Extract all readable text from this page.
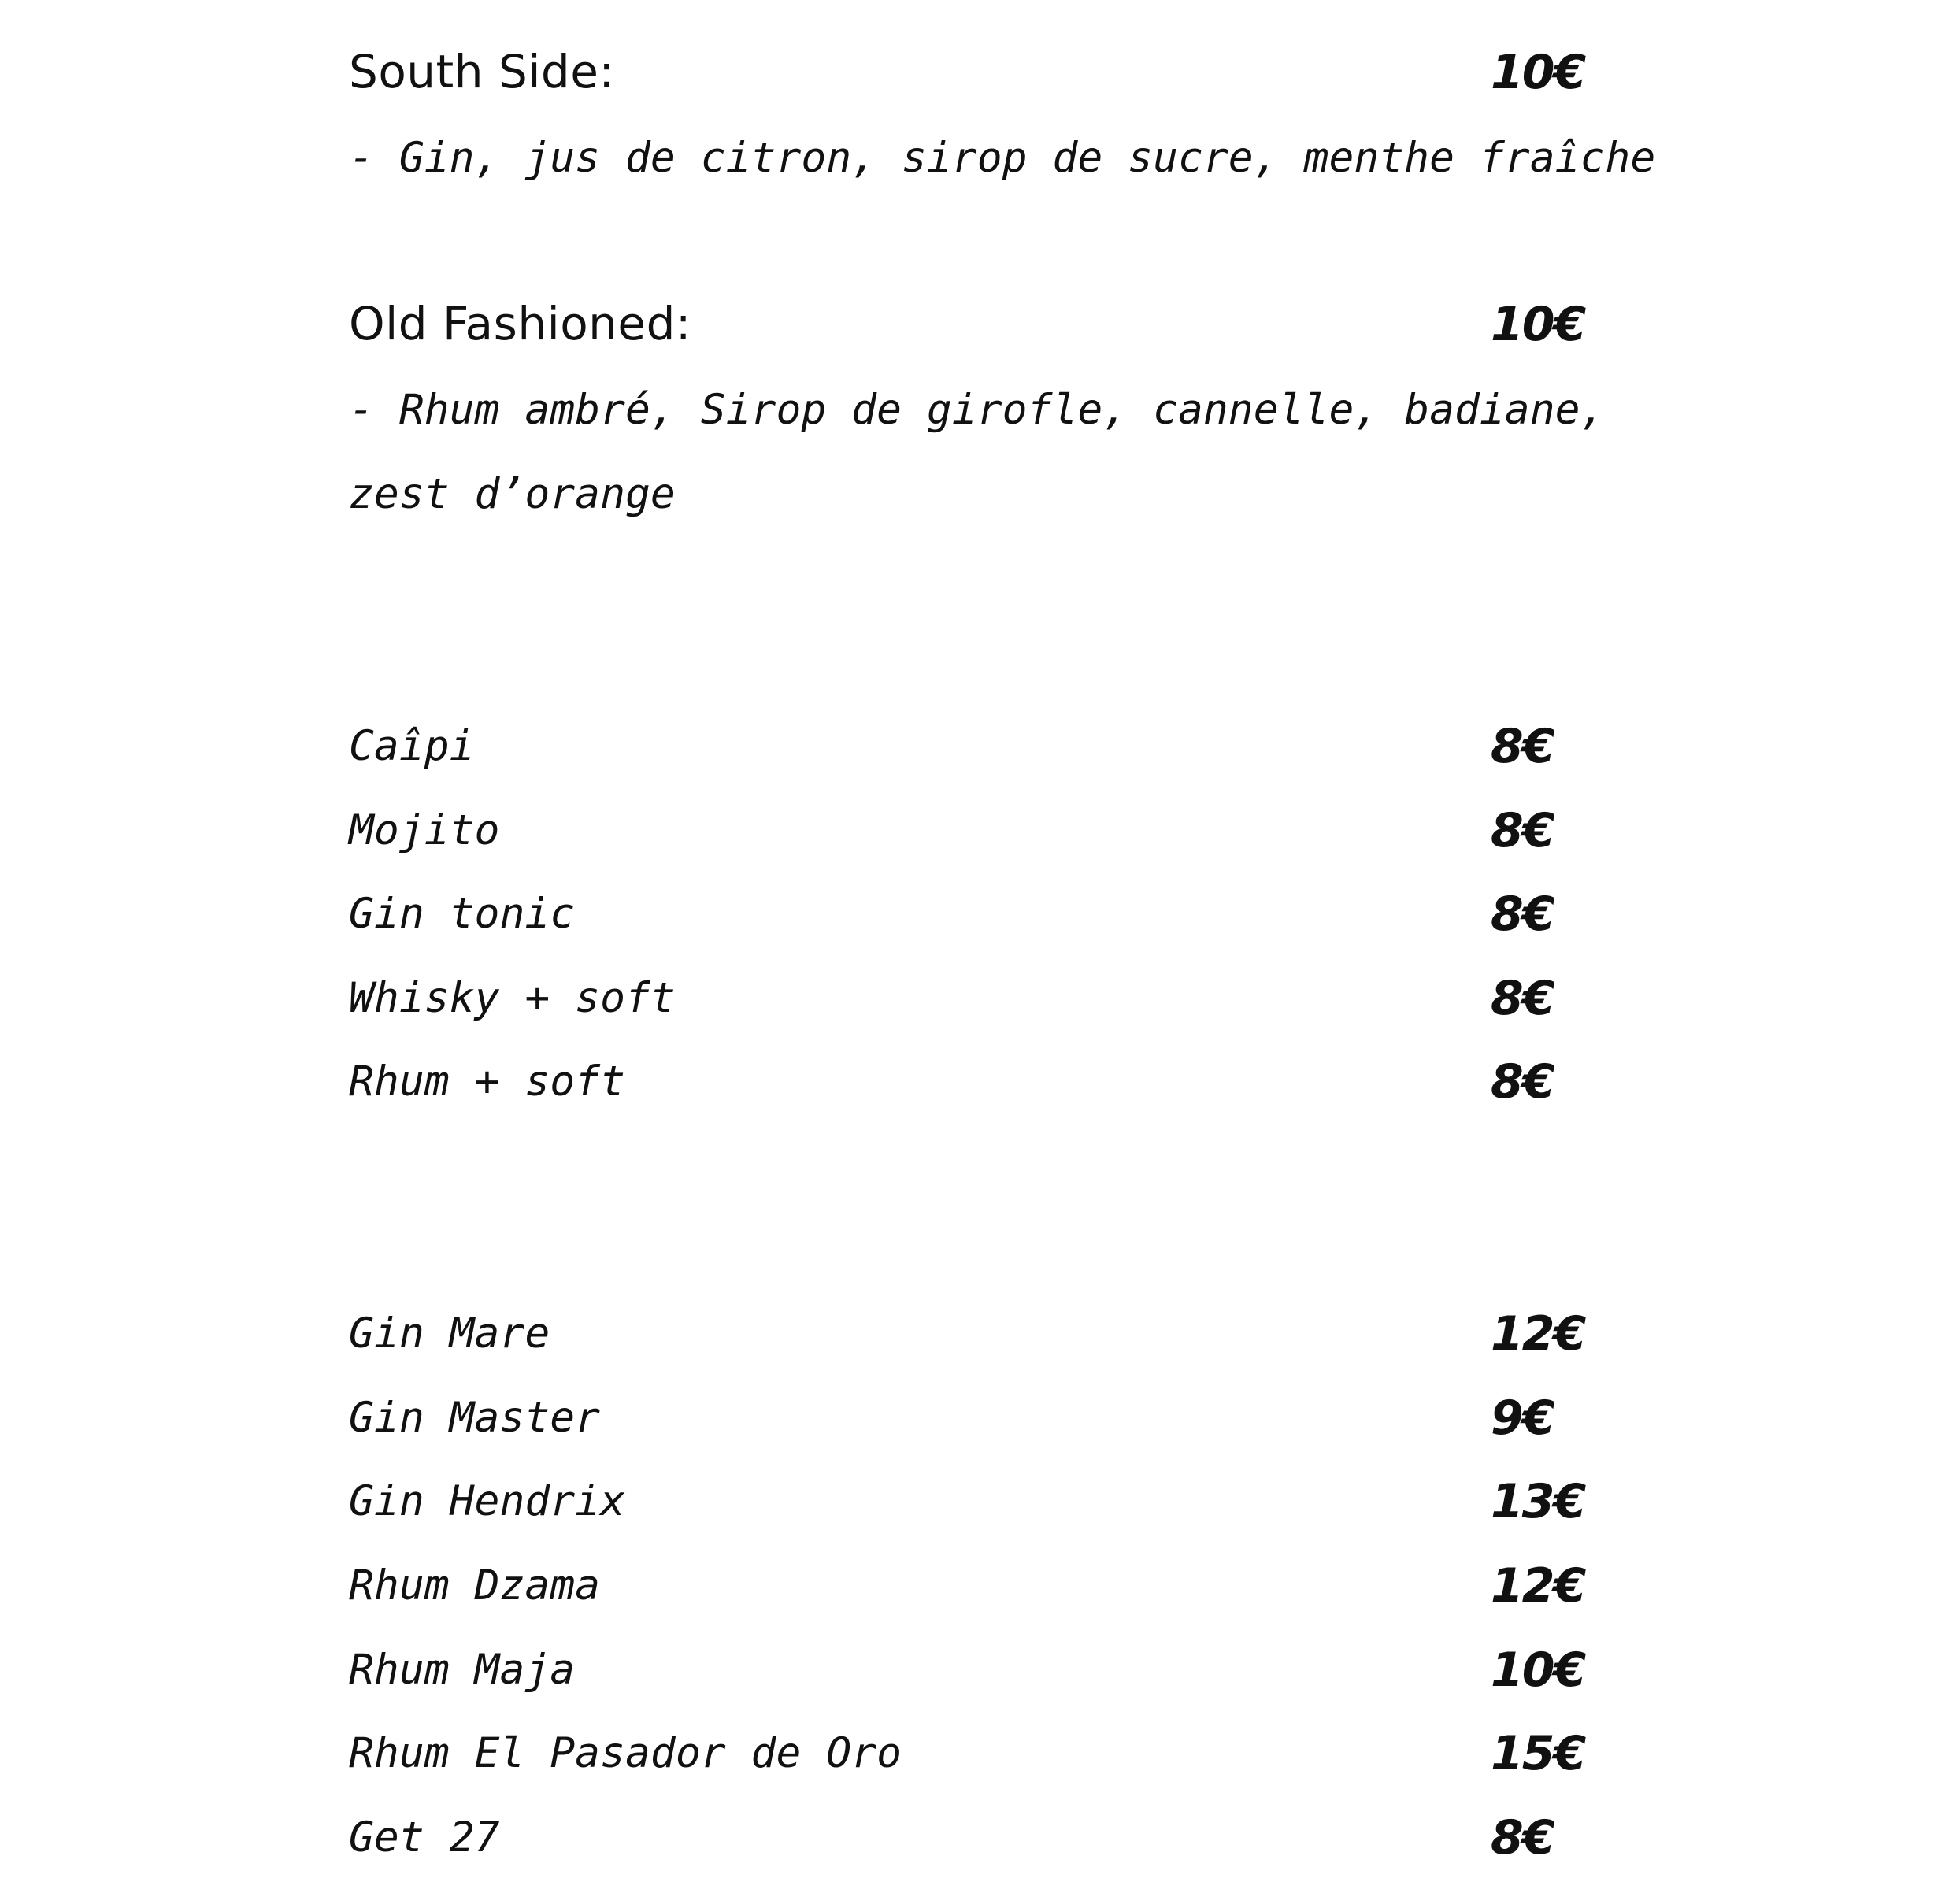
South Side:	10€
- Gin, jus de citron, sirop de sucre, menthe fraîche
Old Fashioned:	10€
- Rhum ambré, Sirop de girofle, cannelle, badiane,
zest d’orange
Caîpi	8€
Mojito	8€
Gin tonic	8€
Whisky + soft	8€
Rhum + soft	8€
Gin Mare	12€
Gin Master	9€
Gin Hendrix	13€
Rhum Dzama	12€
Rhum Maja	10€
Rhum El Pasador de Oro	15€
Get 27	8€
